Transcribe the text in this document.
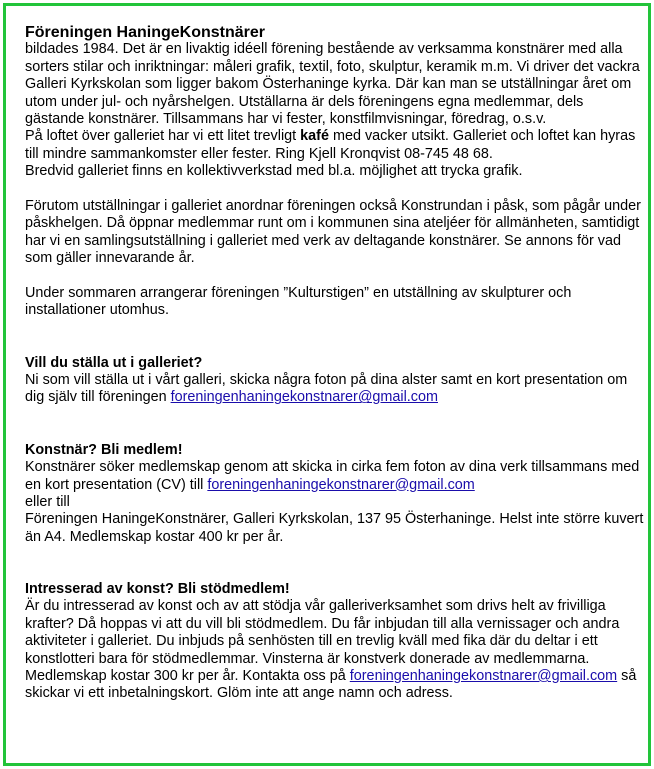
Föreningen HaningeKonstnärer
bildades 1984. Det är en livaktig idéell förening bestående av verksamma konstnärer med alla sorters stilar och inriktningar: måleri grafik, textil, foto, skulptur, keramik m.m. Vi driver det vackra Galleri Kyrkskolan som ligger bakom Österhaninge kyrka. Där kan man se utställningar året om utom under jul- och nyårshelgen. Utställarna är dels föreningens egna medlemmar, dels gästande konstnärer. Tillsammans har vi fester, konstfilmvisningar, föredrag, o.s.v.
På loftet över galleriet har vi ett litet trevligt kafé med vacker utsikt. Galleriet och loftet kan hyras till mindre sammankomster eller fester. Ring Kjell Kronqvist 08-745 48 68.
Bredvid galleriet finns en kollektivverkstad med bl.a. möjlighet att trycka grafik.
Förutom utställningar i galleriet anordnar föreningen också Konstrundan i påsk, som pågår under påskhelgen. Då öppnar medlemmar runt om i kommunen sina ateljéer för allmänheten, samtidigt har vi en samlingsutställning i galleriet med verk av deltagande konstnärer. Se annons för vad som gäller innevarande år.
Under sommaren arrangerar föreningen ”Kulturstigen” en utställning av skulpturer och installationer utomhus.
Vill du ställa ut i galleriet?
Ni som vill ställa ut i vårt galleri, skicka några foton på dina alster samt en kort presentation om dig själv till föreningen foreningenhaningekonstnarer@gmail.com
Konstnär? Bli medlem!
Konstnärer söker medlemskap genom att skicka in cirka fem foton av dina verk tillsammans med en kort presentation (CV) till foreningenhaningekonstnarer@gmail.com
eller till
Föreningen HaningeKonstnärer, Galleri Kyrkskolan, 137 95 Österhaninge. Helst inte större kuvert än A4. Medlemskap kostar 400 kr per år.
Intresserad av konst? Bli stödmedlem!
Är du intresserad av konst och av att stödja vår galleriverksamhet som drivs helt av frivilliga krafter? Då hoppas vi att du vill bli stödmedlem. Du får inbjudan till alla vernissager och andra aktiviteter i galleriet. Du inbjuds på senhösten till en trevlig kväll med fika där du deltar i ett konstlotteri bara för stödmedlemmar. Vinsterna är konstverk donerade av medlemmarna. Medlemskap kostar 300 kr per år. Kontakta oss på foreningenhaningekonstnarer@gmail.com så skickar vi ett inbetalningskort. Glöm inte att ange namn och adress.
